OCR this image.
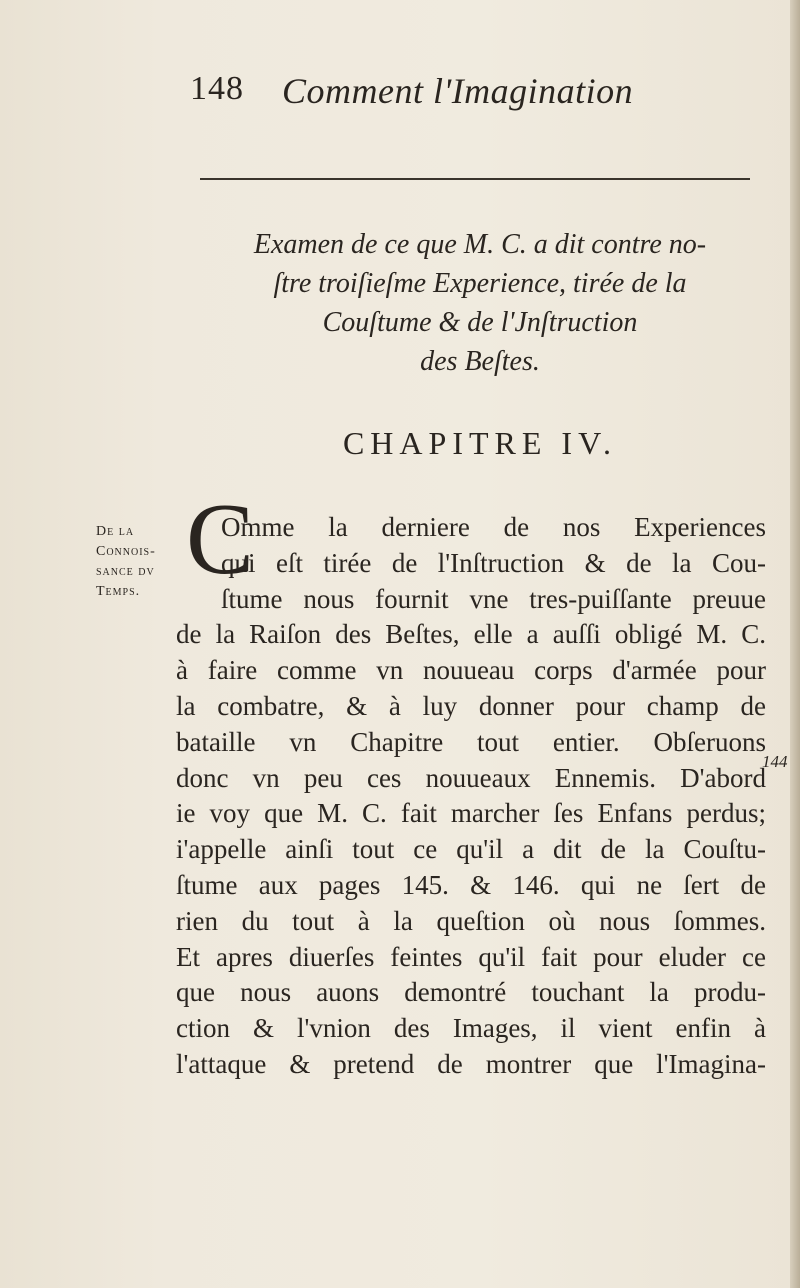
148 Comment l'Imagination
Examen de ce que M. C. a dit contre no-
ſtre troiſieſme Experience, tirée de la
Couſtume & de l'Jnſtruction
des Beſtes.
CHAPITRE IV.
De la
Connois-
sance dv
Temps. C
Omme la derniere de nos Experiences
qui eſt tirée de l'Inſtruction & de la Cou-
ſtume nous fournit vne tres-puiſſante preuue
de la Raiſon des Beſtes, elle a auſſi obligé M. C.
à faire comme vn nouueau corps d'armée pour
la combatre, & à luy donner pour champ de
bataille vn Chapitre tout entier. Obſeruons
donc vn peu ces nouueaux Ennemis. D'abord
ie voy que M. C. fait marcher ſes Enfans perdus;
i'appelle ainſi tout ce qu'il a dit de la Couſtu-
ſtume aux pages 145. & 146. qui ne ſert de
rien du tout à la queſtion où nous ſommes.
Et apres diuerſes feintes qu'il fait pour eluder ce
que nous auons demontré touchant la produ-
ction & l'vnion des Images, il vient enfin à
l'attaque & pretend de montrer que l'Imagina-
144
